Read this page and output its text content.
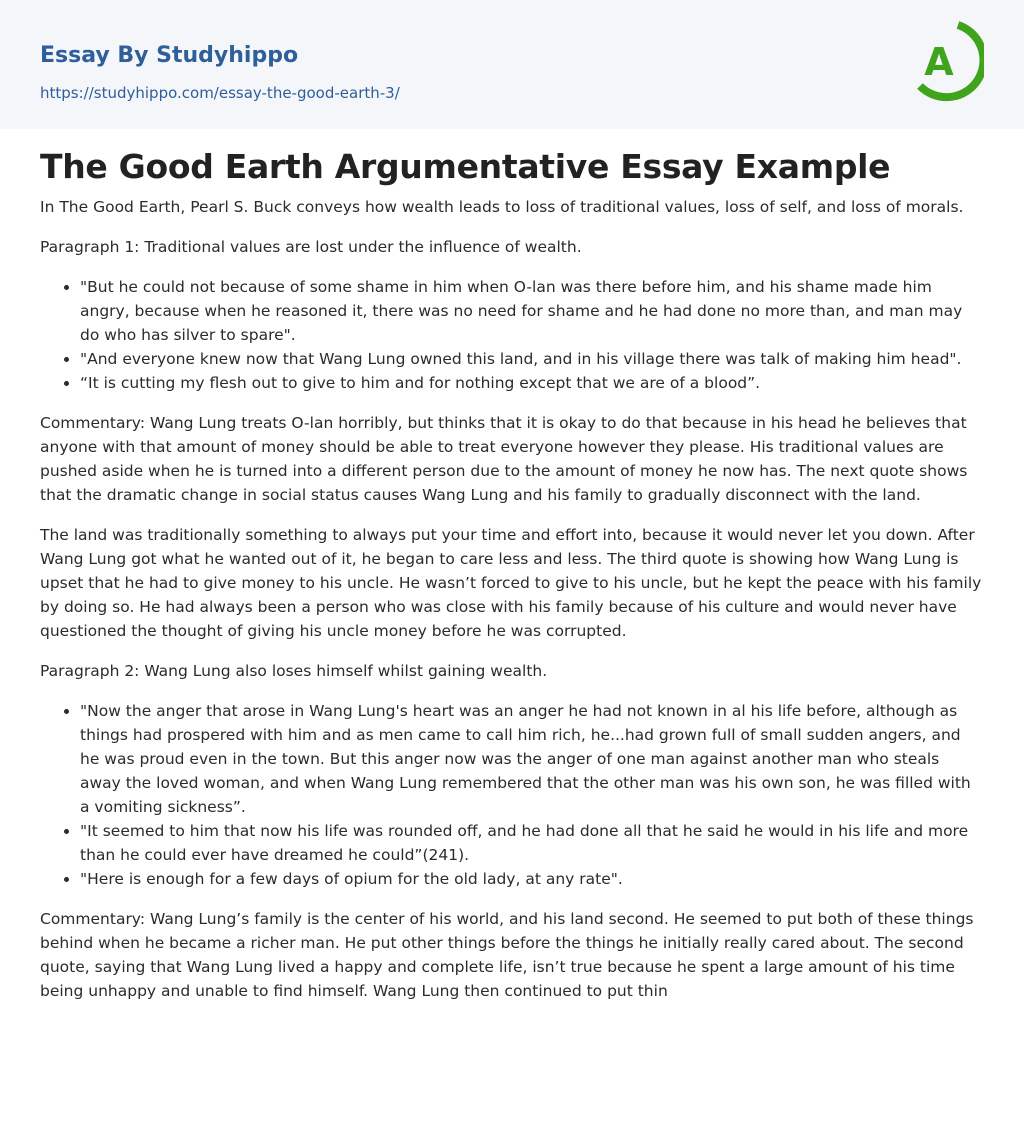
Essay By Studyhippo
https://studyhippo.com/essay-the-good-earth-3/
A
The Good Earth Argumentative Essay Example

In The Good Earth, Pearl S. Buck conveys how wealth leads to loss of traditional values, loss of self, and loss of morals.

Paragraph 1: Traditional values are lost under the influence of wealth.

• "But he could not because of some shame in him when O-lan was there before him, and his shame made him angry, because when he reasoned it, there was no need for shame and he had done no more than, and man may do who has silver to spare".
• "And everyone knew now that Wang Lung owned this land, and in his village there was talk of making him head".
• “It is cutting my flesh out to give to him and for nothing except that we are of a blood”.

Commentary: Wang Lung treats O-lan horribly, but thinks that it is okay to do that because in his head he believes that anyone with that amount of money should be able to treat everyone however they please. His traditional values are pushed aside when he is turned into a different person due to the amount of money he now has. The next quote shows that the dramatic change in social status causes Wang Lung and his family to gradually disconnect with the land.

The land was traditionally something to always put your time and effort into, because it would never let you down. After Wang Lung got what he wanted out of it, he began to care less and less. The third quote is showing how Wang Lung is upset that he had to give money to his uncle. He wasn’t forced to give to his uncle, but he kept the peace with his family by doing so. He had always been a person who was close with his family because of his culture and would never have questioned the thought of giving his uncle money before he was corrupted.

Paragraph 2: Wang Lung also loses himself whilst gaining wealth.

• "Now the anger that arose in Wang Lung's heart was an anger he had not known in al his life before, although as things had prospered with him and as men came to call him rich, he...had grown full of small sudden angers, and he was proud even in the town. But this anger now was the anger of one man against another man who steals away the loved woman, and when Wang Lung remembered that the other man was his own son, he was filled with a vomiting sickness”.
• "It seemed to him that now his life was rounded off, and he had done all that he said he would in his life and more than he could ever have dreamed he could”(241).
• "Here is enough for a few days of opium for the old lady, at any rate".

Commentary: Wang Lung’s family is the center of his world, and his land second. He seemed to put both of these things behind when he became a richer man. He put other things before the things he initially really cared about. The second quote, saying that Wang Lung lived a happy and complete life, isn’t true because he spent a large amount of his time being unhappy and unable to find himself. Wang Lung then continued to put thin
